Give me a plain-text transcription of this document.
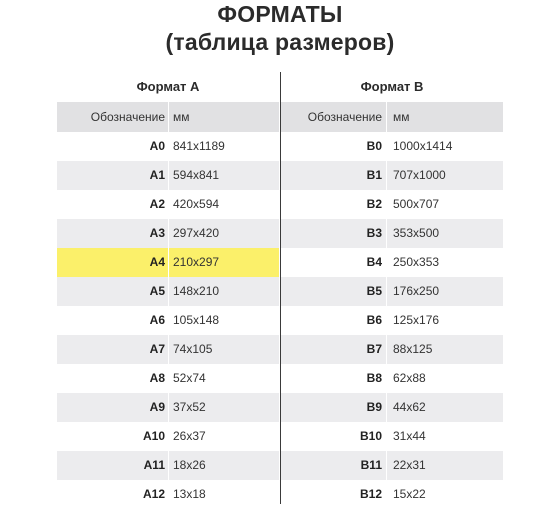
ФОРМАТЫ
(таблица размеров)
Формат А
Обозначение мм
A0 841x1189
A1 594x841
A2 420x594
A3 297x420
A4 210x297
A5 148x210
A6 105x148
A7 74x105
A8 52x74
A9 37x52
A10 26x37
A11 18x26
A12 13x18
Формат В
Обозначение мм
B0 1000x1414
B1 707x1000
B2 500x707
B3 353x500
B4 250x353
B5 176x250
B6 125x176
B7 88x125
B8 62x88
B9 44x62
B10 31x44
B11 22x31
B12 15x22
